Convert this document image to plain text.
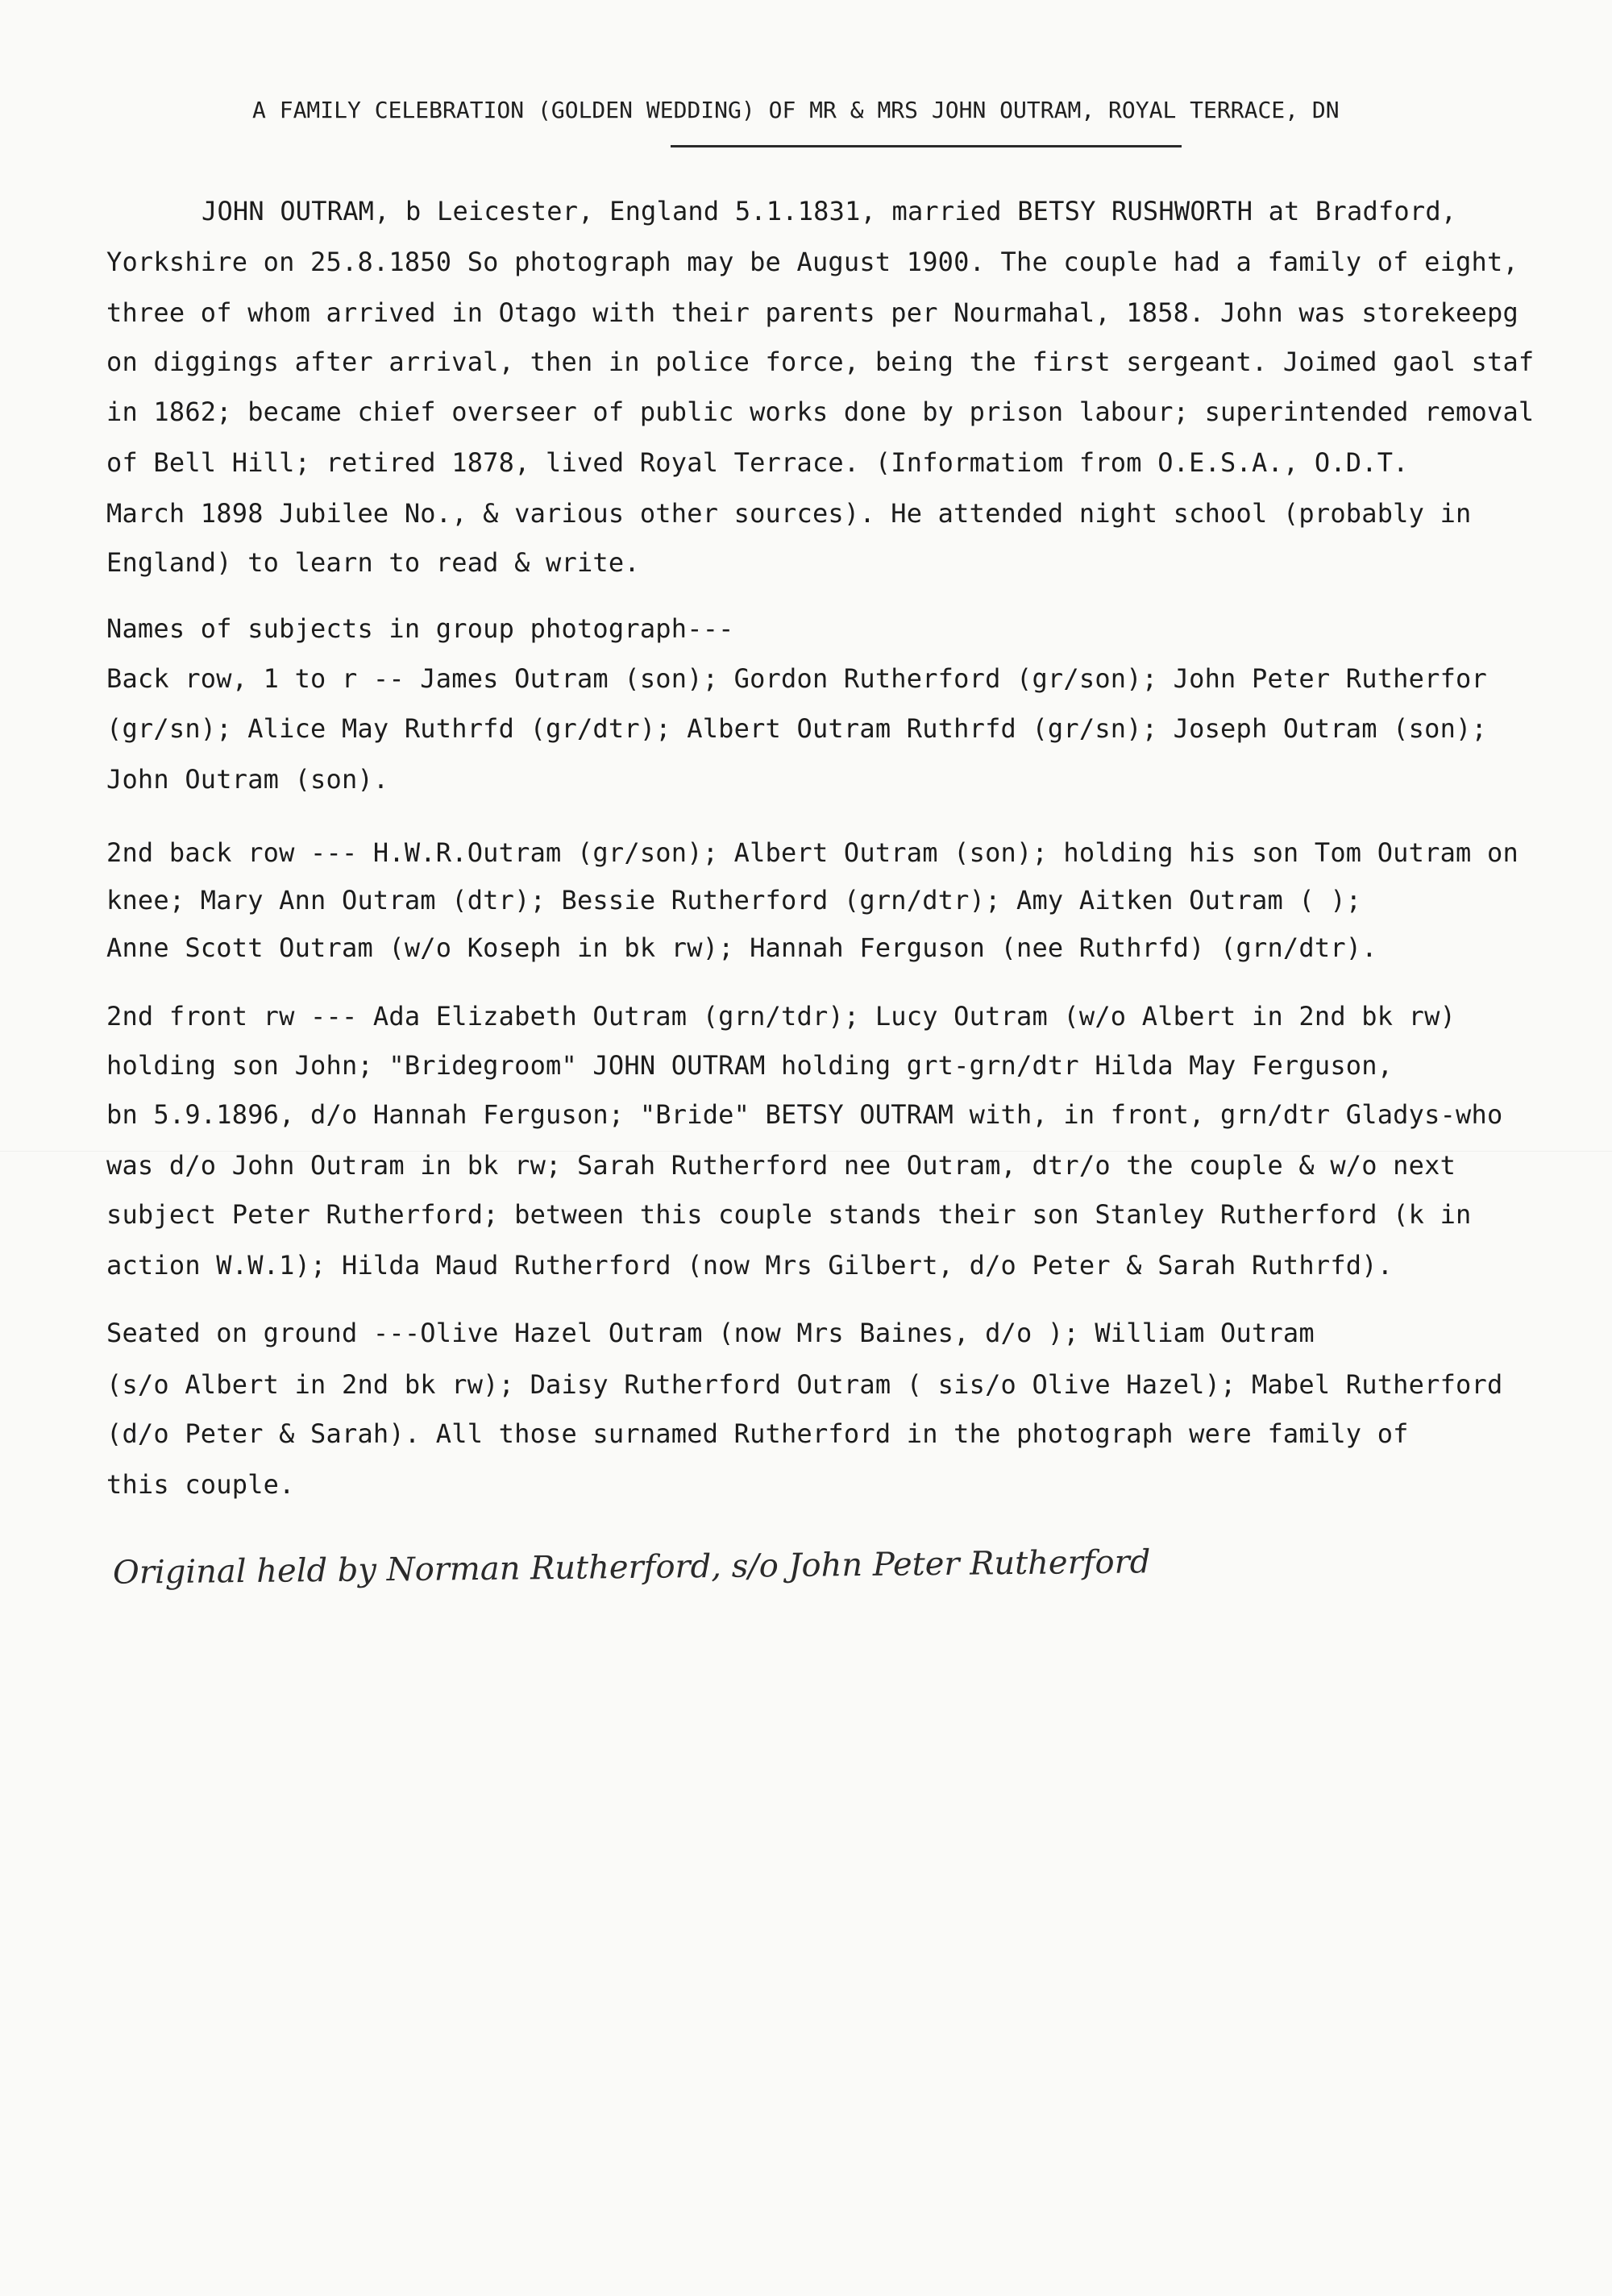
A FAMILY CELEBRATION (GOLDEN WEDDING) OF MR & MRS JOHN OUTRAM, ROYAL TERRACE, DN
JOHN OUTRAM, b Leicester, England 5.1.1831, married BETSY RUSHWORTH at Bradford,
Yorkshire on 25.8.1850 So photograph may be August 1900. The couple had a family of eight,
three of whom arrived in Otago with their parents per Nourmahal, 1858. John was storekeepg
on diggings after arrival, then in police force, being the first sergeant. Joimed gaol staf
in 1862; became chief overseer of public works done by prison labour; superintended removal
of Bell Hill; retired 1878, lived Royal Terrace. (Informatiom from O.E.S.A., O.D.T.
March 1898 Jubilee No., & various other sources). He attended night school (probably in
England) to learn to read & write.
Names of subjects in group photograph---
Back row, 1 to r -- James Outram (son); Gordon Rutherford (gr/son); John Peter Rutherfor
(gr/sn); Alice May Ruthrfd (gr/dtr); Albert Outram Ruthrfd (gr/sn); Joseph Outram (son);
John Outram (son).
2nd back row --- H.W.R.Outram (gr/son); Albert Outram (son); holding his son Tom Outram on
knee; Mary Ann Outram (dtr); Bessie Rutherford (grn/dtr); Amy Aitken Outram ( );
Anne Scott Outram (w/o Koseph in bk rw); Hannah Ferguson (nee Ruthrfd) (grn/dtr).
2nd front rw --- Ada Elizabeth Outram (grn/tdr); Lucy Outram (w/o Albert in 2nd bk rw)
holding son John; "Bridegroom" JOHN OUTRAM holding grt-grn/dtr Hilda May Ferguson,
bn 5.9.1896, d/o Hannah Ferguson; "Bride" BETSY OUTRAM with, in front, grn/dtr Gladys-who
was d/o John Outram in bk rw; Sarah Rutherford nee Outram, dtr/o the couple & w/o next
subject Peter Rutherford; between this couple stands their son Stanley Rutherford (k in
action W.W.1); Hilda Maud Rutherford (now Mrs Gilbert, d/o Peter & Sarah Ruthrfd).
Seated on ground ---Olive Hazel Outram (now Mrs Baines, d/o ); William Outram
(s/o Albert in 2nd bk rw); Daisy Rutherford Outram ( sis/o Olive Hazel); Mabel Rutherford
(d/o Peter & Sarah). All those surnamed Rutherford in the photograph were family of
this couple.
Original held by Norman Rutherford, s/o John Peter Rutherford
